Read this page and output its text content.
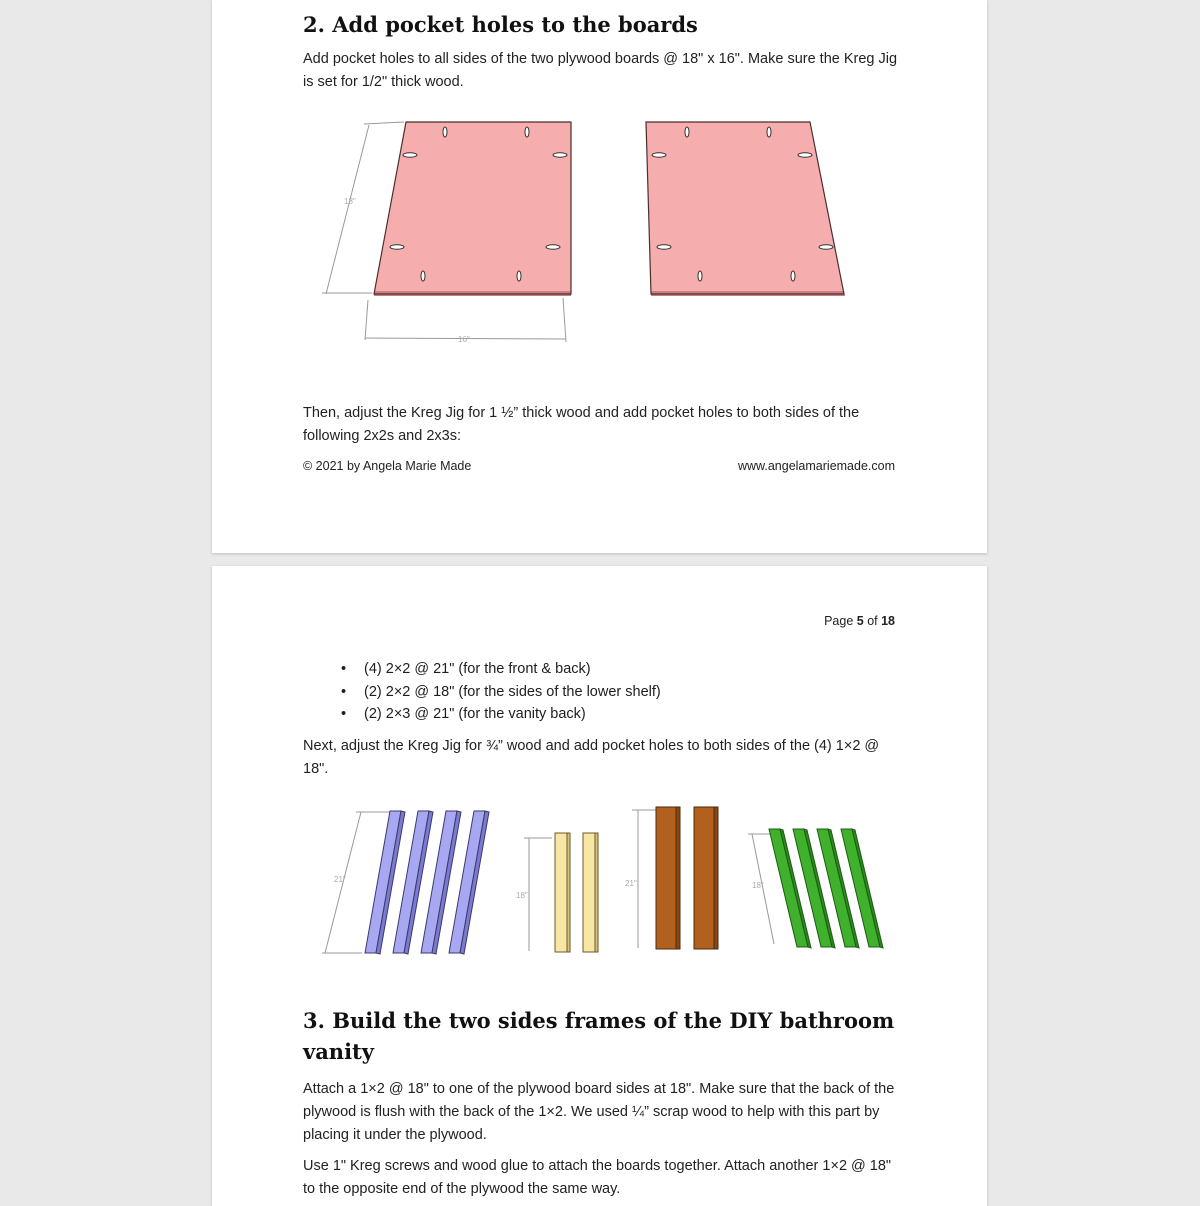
2. Add pocket holes to the boards

Add pocket holes to all sides of the two plywood boards @ 18" x 16". Make sure the Kreg Jig is set for 1/2" thick wood.

18"
16"

Then, adjust the Kreg Jig for 1 ½” thick wood and add pocket holes to both sides of the following 2x2s and 2x3s:

© 2021 by Angela Marie Made	www.angelamariemade.com
Page 5 of 18
• (4) 2×2 @ 21" (for the front & back)
• (2) 2×2 @ 18" (for the sides of the lower shelf)
• (2) 2×3 @ 21" (for the vanity back)

Next, adjust the Kreg Jig for ¾” wood and add pocket holes to both sides of the (4) 1×2 @ 18".

21"
18"
21"	18"
3. Build the two sides frames of the DIY bathroom vanity

Attach a 1×2 @ 18" to one of the plywood board sides at 18". Make sure that the back of the plywood is flush with the back of the 1×2. We used ¼” scrap wood to help with this part by placing it under the plywood.

Use 1" Kreg screws and wood glue to attach the boards together. Attach another 1×2 @ 18" to the opposite end of the plywood the same way.
